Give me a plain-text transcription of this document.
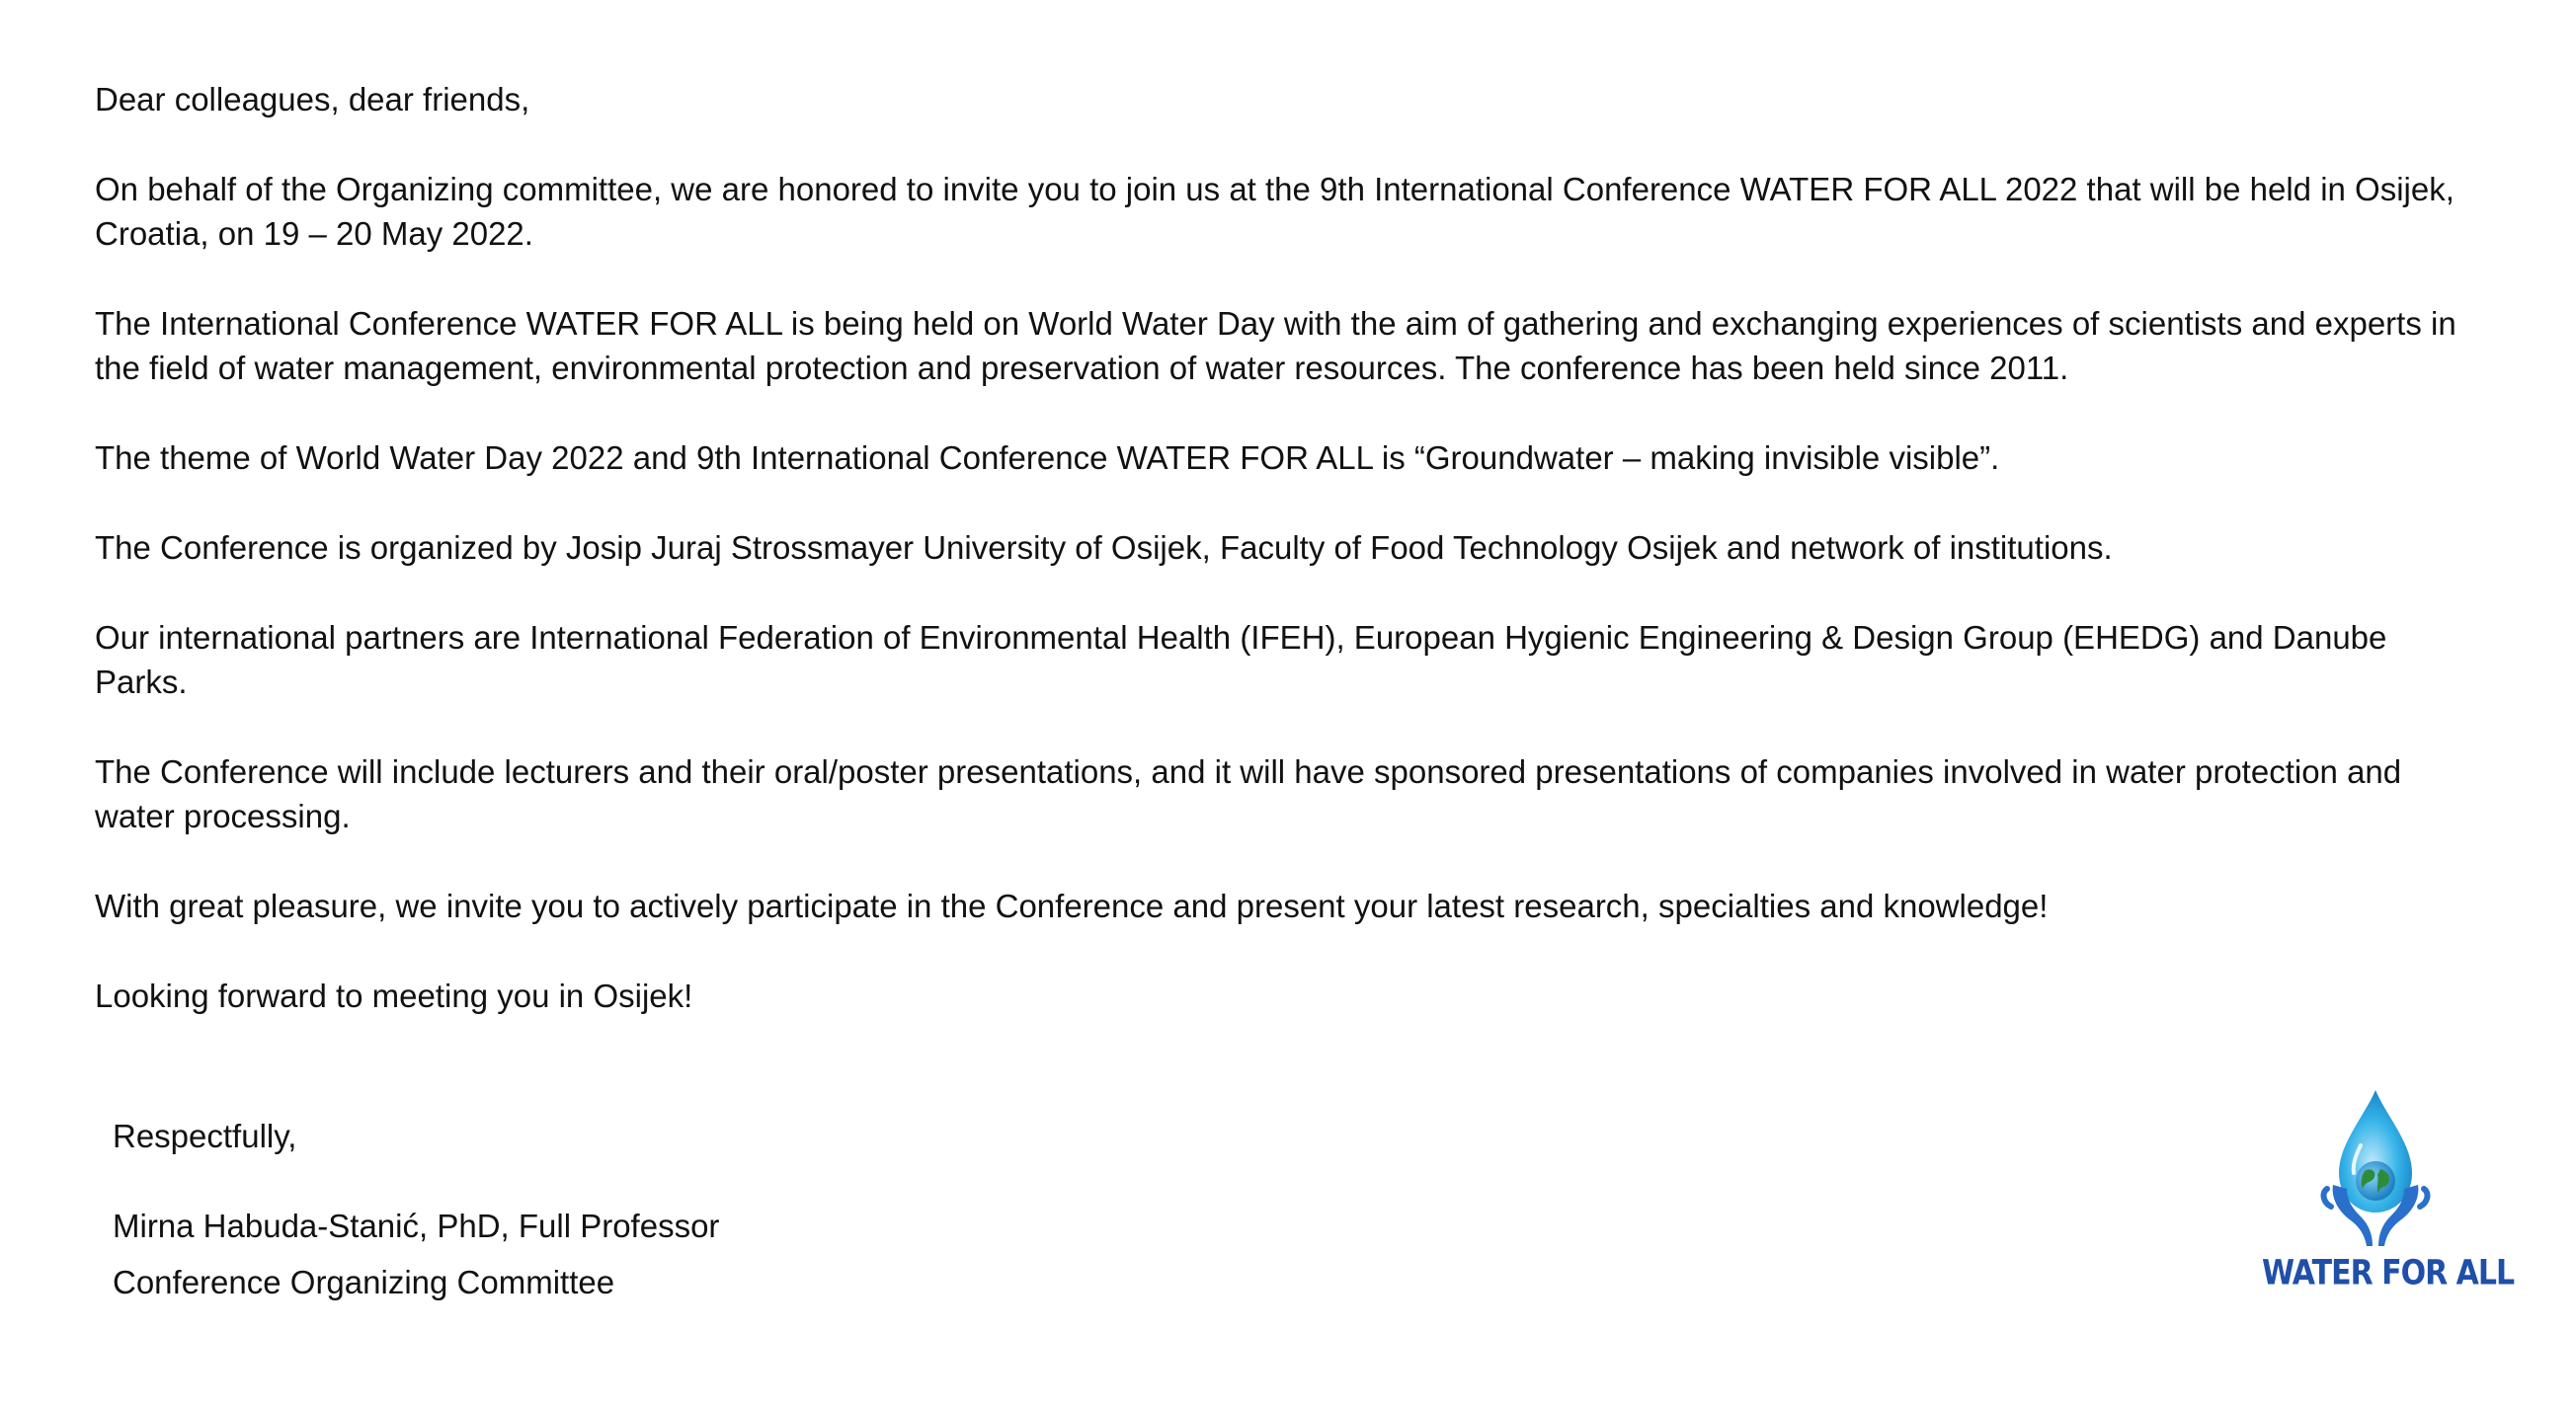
Dear colleagues, dear friends,

On behalf of the Organizing committee, we are honored to invite you to join us at the 9th International Conference WATER FOR ALL 2022 that will be held in Osijek, Croatia, on 19 – 20 May 2022.

The International Conference WATER FOR ALL is being held on World Water Day with the aim of gathering and exchanging experiences of scientists and experts in the field of water management, environmental protection and preservation of water resources. The conference has been held since 2011.

The theme of World Water Day 2022 and 9th International Conference WATER FOR ALL is “Groundwater – making invisible visible”.

The Conference is organized by Josip Juraj Strossmayer University of Osijek, Faculty of Food Technology Osijek and network of institutions.

Our international partners are International Federation of Environmental Health (IFEH), European Hygienic Engineering & Design Group (EHEDG) and Danube Parks.

The Conference will include lecturers and their oral/poster presentations, and it will have sponsored presentations of companies involved in water protection and water processing.

With great pleasure, we invite you to actively participate in the Conference and present your latest research, specialties and knowledge!

Looking forward to meeting you in Osijek!

Respectfully,
Mirna Habuda-Stanić, PhD, Full Professor
Conference Organizing Committee	WATER FOR ALL
